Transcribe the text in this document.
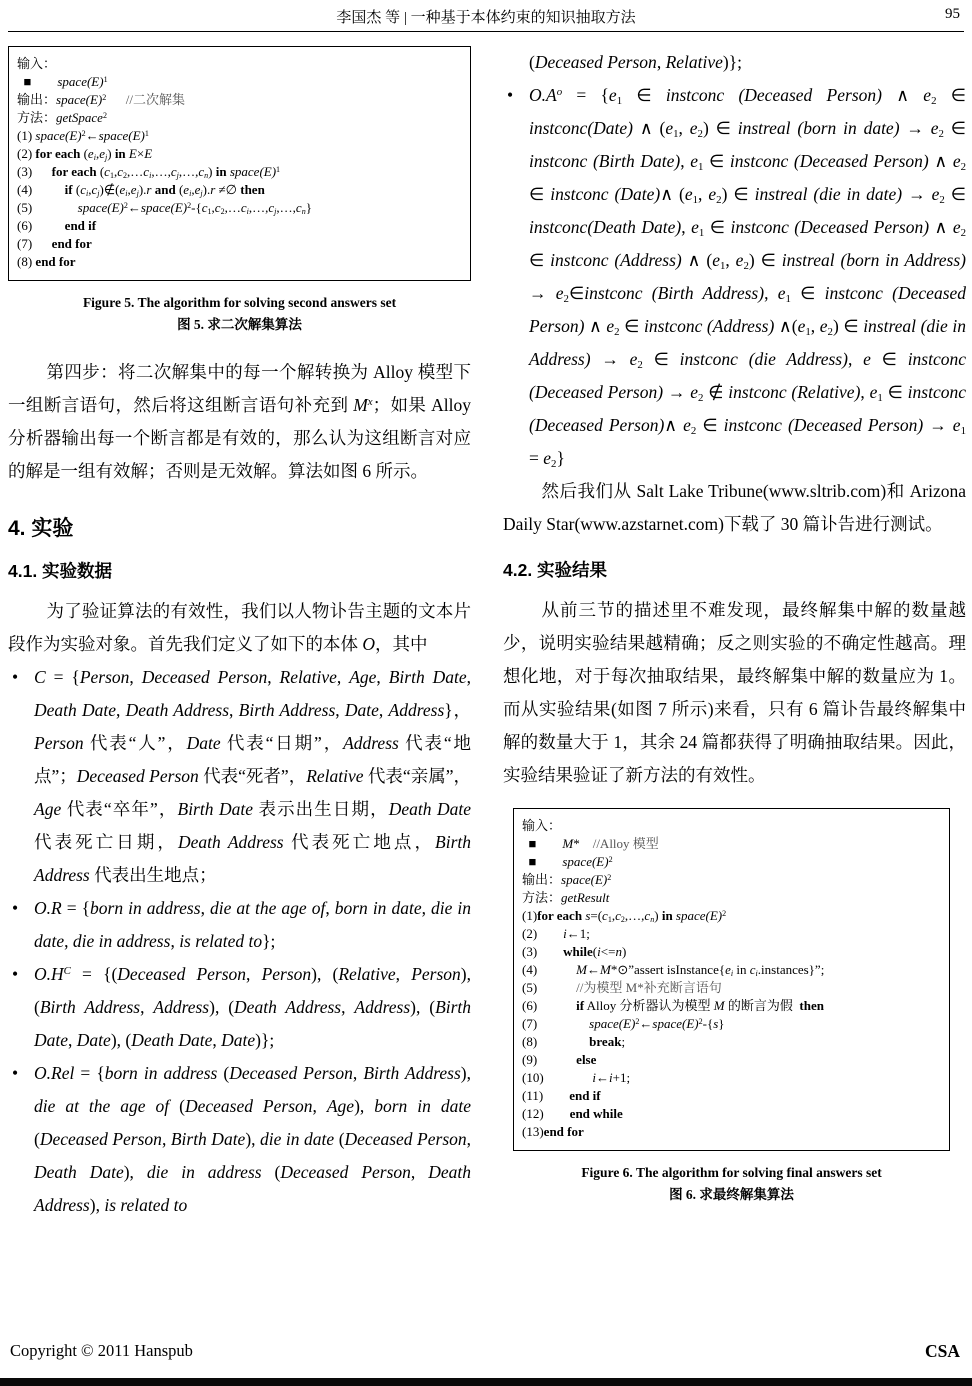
李国杰 等 | 一种基于本体约束的知识抽取方法	95
输入：
■        $space(E)^1$
输出：$space(E)^2$ //二次解集
方法：getSpace$^2$
(1) $space(E)^2\leftarrow space(E)^1$
(2) for each (ei,ej) in E×E
(3)      for each (c1,c2,…ci,…,cj,…,cn) in $space(E)^1$
(4)          if (ci,cj)∉(ei,ej).r and (ei,ej).r ≠∅ then
(5)              $space(E)^2\leftarrow space(E)^2-\{c1,c2,\dots ci,\dots,cj,\dots,cn\}$
(6)          end if
(7)      end for
(8) end for
Figure 5. The algorithm for solving second answers set
图 5. 求二次解集算法

第四步：将二次解集中的每一个解转换为 Alloy 模型下一组断言语句，然后将这组断言语句补充到 $M^x$；如果 Alloy 分析器输出每一个断言都是有效的，那么认为这组断言对应的解是一组有效解；否则是无效解。算法如图 6 所示。

4. 实验
4.1. 实验数据

为了验证算法的有效性，我们以人物讣告主题的文本片段作为实验对象。首先我们定义了如下的本体 O，其中

• C = {Person, Deceased Person, Relative, Age, Birth Date, Death Date, Death Address, Birth Address, Date, Address}，Person 代表“人”，Date 代表“日期”，Address 代表“地点”；Deceased Person 代表“死者”，Relative 代表“亲属”，Age 代表“卒年”，Birth Date 表示出生日期，Death Date 代表死亡日期，Death Address 代表死亡地点，Birth Address 代表出生地点；
• O.R = {born in address, die at the age of, born in date, die in date, die in address, is related to};
• $O.H^C$ = {(Deceased Person, Person), (Relative, Person), (Birth Address, Address), (Death Address, Address), (Birth Date, Date), (Death Date, Date)};
• O.Rel = {born in address (Deceased Person, Birth Address), die at the age of (Deceased Person, Age), born in date (Deceased Person, Birth Date), die in date (Deceased Person, Death Date), die in address (Deceased Person, Death Address), is related to

(Deceased Person, Relative)};

• $O.A^o = \{e1$ ∈ instconc (Deceased Person) ∧ e2 ∈ instconc(Date) ∧ (e1, e2) ∈ instreal (born in date) → e2 ∈ instconc (Birth Date), e1 ∈ instconc (Deceased Person) ∧ e2 ∈ instconc (Date)∧ (e1, e2) ∈ instreal (die in date) → e2 ∈ instconc(Death Date), e1 ∈ instconc (Deceased Person) ∧ e2 ∈ instconc (Address) ∧ (e1, e2) ∈ instreal (born in Address) → e2∈instconc (Birth Address), e1 ∈ instconc (Deceased Person) ∧ e2 ∈ instconc (Address) ∧(e1, e2) ∈ instreal (die in Address) → e2 ∈ instconc (die Address), e ∈ instconc (Deceased Person) → e2 ∉ instconc (Relative), e1 ∈ instconc (Deceased Person)∧ e2 ∈ instconc (Deceased Person) → e1 = e2}

然后我们从 Salt Lake Tribune(www.sltrib.com)和 Arizona Daily Star(www.azstarnet.com)下载了 30 篇讣告进行测试。

4.2. 实验结果

从前三节的描述里不难发现，最终解集中解的数量越少，说明实验结果越精确；反之则实验的不确定性越高。理想化地，对于每次抽取结果，最终解集中解的数量应为 1。而从实验结果(如图 7 所示)来看，只有 6 篇讣告最终解集中解的数量大于 1，其余 24 篇都获得了明确抽取结果。因此，实验结果验证了新方法的有效性。

输入：
■        M*    //Alloy 模型
■        $space(E)^2$
输出：$space(E)^2$
方法：getResult
(1)for each s=(c1,c2,…,cn) in $space(E)^2$
(2)        i←1;
(3)        while(i<=n)
(4)            M←M*⊙”assert isInstance{ei in ci.instances}”;
(5)            //为模型 M*补充断言语句
(6)            if Alloy 分析器认为模型 M 的断言为假  then
(7)                $space(E)^2\leftarrow space(E)^2-\{s\}$
(8)                break;
(9)            else
(10)               i←i+1;
(11)        end if
(12)        end while
(13)end for
Figure 6. The algorithm for solving final answers set
图 6. 求最终解集算法
Copyright © 2011 Hanspub	CSA
